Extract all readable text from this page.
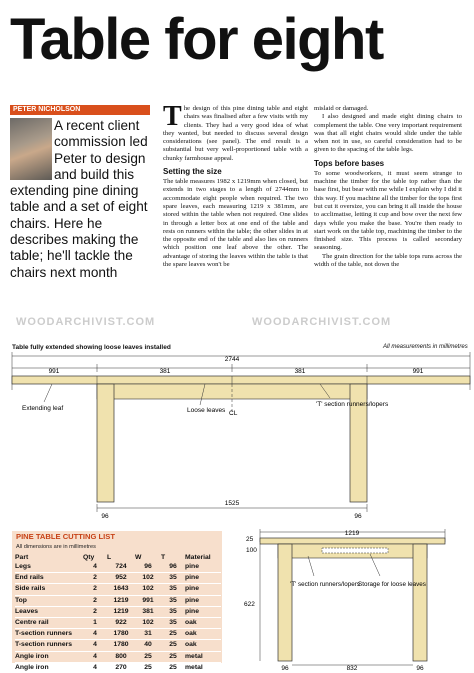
Table for eight
PETER NICHOLSON
A recent client
commission led
Peter to design
and build this
extending pine dining
table and a set of eight
chairs. Here he
describes making the
table; he'll tackle the
chairs next month

The design of this pine dining table and eight chairs was finalised after a few visits with my clients. They had a very good idea of what they wanted, but needed to discuss several design considerations (see panel). The end result is a substantial but very well-proportioned table with a chunky farmhouse appeal.

Setting the size

The table measures 1982 x 1219mm when closed, but extends in two stages to a length of 2744mm to accommodate eight people when required. The two spare leaves, each measuring 1219 x 381mm, are stored within the table when not required. One slides in through a letter box at one end of the table and rests on runners within the table; the other slides in at the opposite end of the table and also lies on runners which position one leaf above the other. The advantage of storing the leaves within the table is that the spare leaves won't be

mislaid or damaged.

I also designed and made eight dining chairs to complement the table. One very important requirement was that all eight chairs would slide under the table when not in use, so careful consideration had to be given to the spacing of the table legs.

Tops before bases

To some woodworkers, it must seem strange to machine the timber for the table top rather than the base first, but bear with me while I explain why I did it this way. If you machine all the timber for the tops first but cut it oversize, you can bring it all inside the house to acclimatise, letting it cup and bow over the next few days while you make the base. You're then ready to start work on the table top, machining the timber to the finished size. This process is called secondary seasoning.

The grain direction for the table tops runs across the width of the table, not down the

WOODARCHIVIST.COM	WOODARCHIVIST.COM
Table fully extended showing loose leaves installed	All measurements in millimetres
2744
991	381	381	991
CL
Extending leaf	Loose leaves
'T' section runners/lopers
1525
96	96
PINE TABLE CUTTING LIST
All dimensions are in millimetres
Part	Qty	L	W	T	Material
Legs	4	724	96	96	pine
End rails	2	952	102	35	pine
Side rails	2	1643	102	35	pine
Top	2	1219	991	35	pine
Leaves	2	1219	381	35	pine
Centre rail	1	922	102	35	oak
T-section runners	4	1780	31	25	oak
T-section runners	4	1780	40	25	oak
Angle iron	4	800	25	25	metal
Angle iron	4	270	25	25	metal
1219
25
100
622
'T' section runners/lopers
Storage for loose leaves
832
96	96
